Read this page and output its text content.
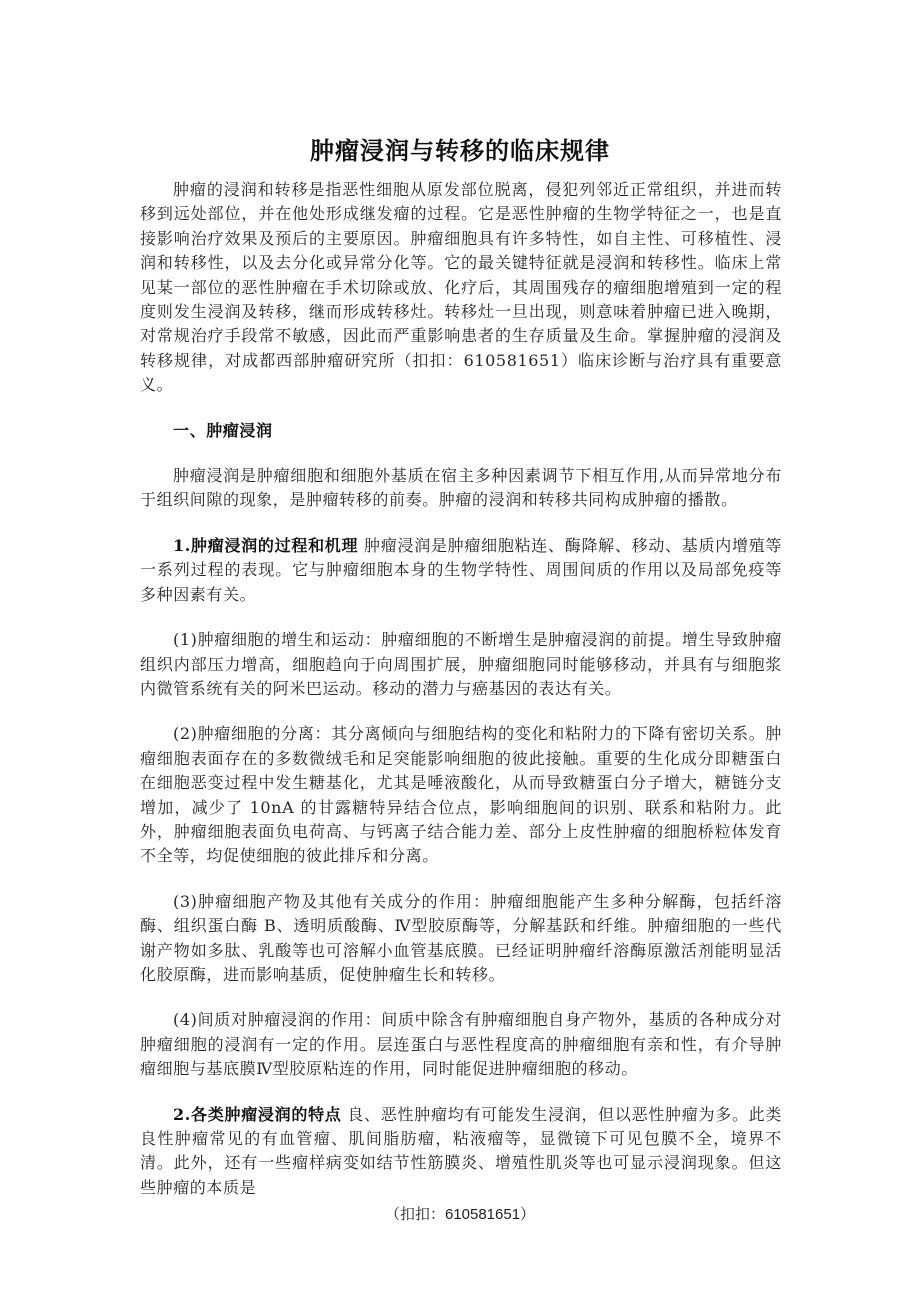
肿瘤浸润与转移的临床规律

肿瘤的浸润和转移是指恶性细胞从原发部位脱离，侵犯列邻近正常组织，并进而转移到远处部位，并在他处形成继发瘤的过程。它是恶性肿瘤的生物学特征之一，也是直接影响治疗效果及预后的主要原因。肿瘤细胞具有许多特性，如自主性、可移植性、浸润和转移性，以及去分化或异常分化等。它的最关键特征就是浸润和转移性。临床上常见某一部位的恶性肿瘤在手术切除或放、化疗后，其周围残存的瘤细胞增殖到一定的程度则发生浸润及转移，继而形成转移灶。转移灶一旦出现，则意味着肿瘤已进入晚期，对常规治疗手段常不敏感，因此而严重影响患者的生存质量及生命。掌握肿瘤的浸润及转移规律，对成都西部肿瘤研究所（扣扣：610581651）临床诊断与治疗具有重要意义。

一、肿瘤浸润

肿瘤浸润是肿瘤细胞和细胞外基质在宿主多种因素调节下相互作用,从而异常地分布于组织间隙的现象，是肿瘤转移的前奏。肿瘤的浸润和转移共同构成肿瘤的播散。

1.肿瘤浸润的过程和机理 肿瘤浸润是肿瘤细胞粘连、酶降解、移动、基质内增殖等一系列过程的表现。它与肿瘤细胞本身的生物学特性、周围间质的作用以及局部免疫等多种因素有关。

(1)肿瘤细胞的增生和运动：肿瘤细胞的不断增生是肿瘤浸润的前提。增生导致肿瘤组织内部压力增高，细胞趋向于向周围扩展，肿瘤细胞同时能够移动，并具有与细胞浆内微管系统有关的阿米巴运动。移动的潜力与癌基因的表达有关。

(2)肿瘤细胞的分离：其分离倾向与细胞结构的变化和粘附力的下降有密切关系。肿瘤细胞表面存在的多数微绒毛和足突能影响细胞的彼此接触。重要的生化成分即糖蛋白在细胞恶变过程中发生糖基化，尤其是唾液酸化，从而导致糖蛋白分子增大，糖链分支增加，减少了 10nA 的甘露糖特异结合位点，影响细胞间的识别、联系和粘附力。此外，肿瘤细胞表面负电荷高、与钙离子结合能力差、部分上皮性肿瘤的细胞桥粒体发育不全等，均促使细胞的彼此排斥和分离。

(3)肿瘤细胞产物及其他有关成分的作用：肿瘤细胞能产生多种分解酶，包括纤溶酶、组织蛋白酶 B、透明质酸酶、Ⅳ型胶原酶等，分解基跃和纤维。肿瘤细胞的一些代谢产物如多肽、乳酸等也可溶解小血管基底膜。已经证明肿瘤纤溶酶原激活剂能明显活化胶原酶，进而影响基质，促使肿瘤生长和转移。

(4)间质对肿瘤浸润的作用：间质中除含有肿瘤细胞自身产物外，基质的各种成分对肿瘤细胞的浸润有一定的作用。层连蛋白与恶性程度高的肿瘤细胞有亲和性，有介导肿瘤细胞与基底膜Ⅳ型胶原粘连的作用，同时能促进肿瘤细胞的移动。

2.各类肿瘤浸润的特点 良、恶性肿瘤均有可能发生浸润，但以恶性肿瘤为多。此类良性肿瘤常见的有血管瘤、肌间脂肪瘤，粘液瘤等，显微镜下可见包膜不全，境界不清。此外，还有一些瘤样病变如结节性筋膜炎、增殖性肌炎等也可显示浸润现象。但这些肿瘤的本质是

（扣扣：610581651）
